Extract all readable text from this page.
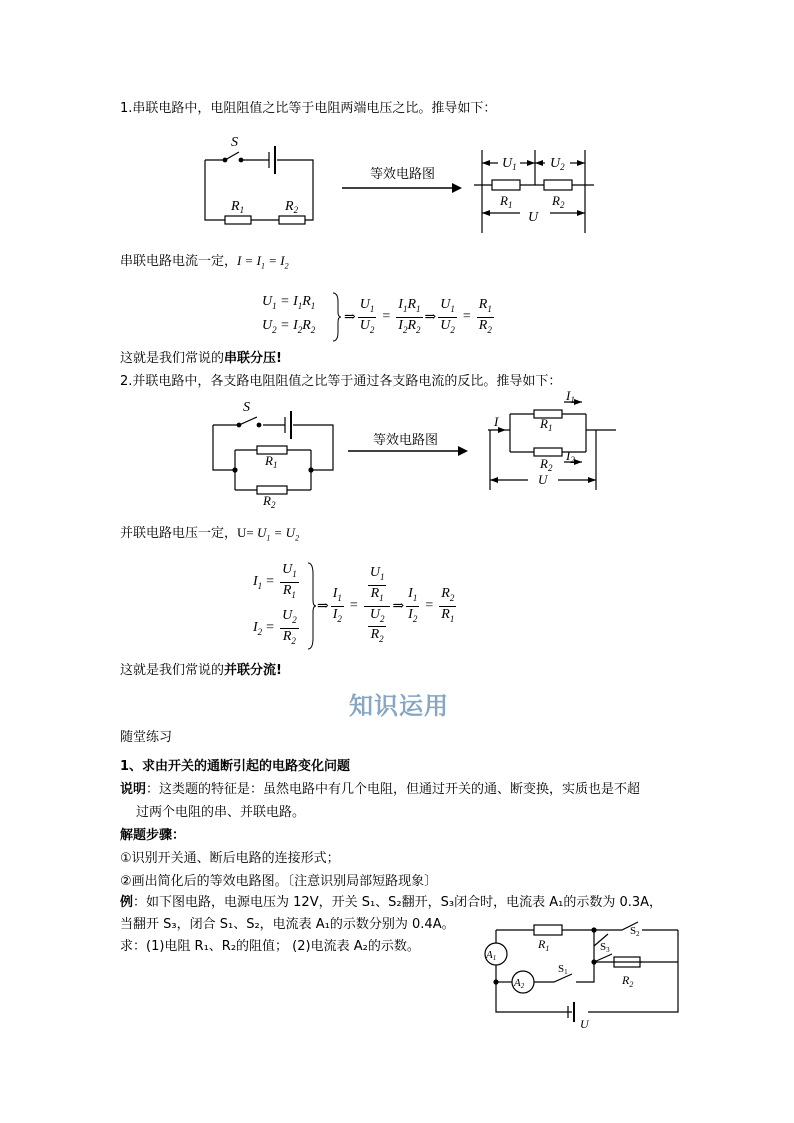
1.串联电路中，电阻阻值之比等于电阻两端电压之比。推导如下：
S
$R_1$	$R_2$
等效电路图
$U_1$ $U_2$
$R_1$	$R_2$
U
串联电路电流一定，$I = I_1 = I_2$
$U_1 = I_1R_1$
$U_2 = I_2R_2$
⇒ $\frac{U_1}{U_2} = \frac{I_1R_1}{I_2R_2}$ ⇒ $\frac{U_1}{U_2} = \frac{R_1}{R_2}$
这就是我们常说的串联分压!
2.并联电路中，各支路电阻阻值之比等于通过各支路电流的反比。推导如下：
S
$R_1$
$R_2$
等效电路图
I
$I_1$
$R_1$
$R_2$
$I_2$
U
并联电路电压一定，$U= U_1 = U_2$
$I_1 = \frac{U_1}{R_1}$
$I_2 = \frac{U_2}{R_2}$
⇒ $\frac{I_1}{I_2} = \frac{\frac{U_1}{R_1}}{\frac{U_2}{R_2}}$ ⇒ $\frac{I_1}{I_2} = \frac{R_2}{R_1}$
这就是我们常说的并联分流!
知识运用
随堂练习
1、求由开关的通断引起的电路变化问题
说明：这类题的特征是：虽然电路中有几个电阻，但通过开关的通、断变换，实质也是不超
过两个电阻的串、并联电路。
解题步骤：
①识别开关通、断后电路的连接形式；
②画出简化后的等效电路图。〔注意识别局部短路现象〕
例：如下图电路，电源电压为 12V，开关 S₁、S₂翻开，S₃闭合时，电流表 A₁的示数为 0.3A，
当翻开 S₃，闭合 S₁、S₂，电流表 A₁的示数分别为 0.4A。
求：(1)电阻 R₁、R₂的阻值； (2)电流表 A₂的示数。
A1
A2
$R_1$
$R_2$
S1
S2
S3
U
